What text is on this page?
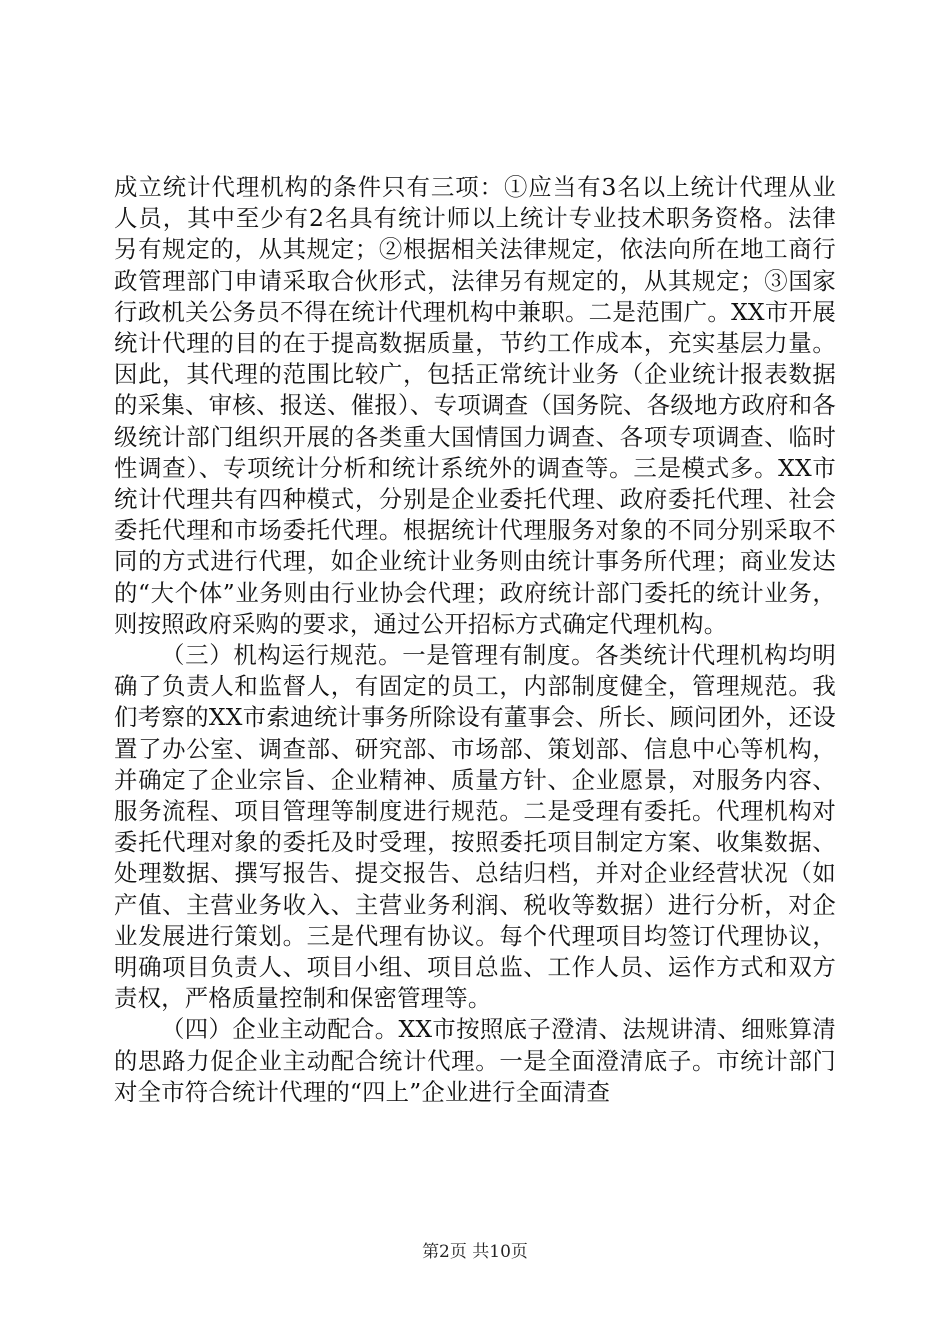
成立统计代理机构的条件只有三项：①应当有3名以上统计代理从业人员，其中至少有2名具有统计师以上统计专业技术职务资格。法律另有规定的，从其规定；②根据相关法律规定，依法向所在地工商行政管理部门申请采取合伙形式，法律另有规定的，从其规定；③国家行政机关公务员不得在统计代理机构中兼职。二是范围广。XX市开展统计代理的目的在于提高数据质量，节约工作成本，充实基层力量。因此，其代理的范围比较广，包括正常统计业务（企业统计报表数据的采集、审核、报送、催报）、专项调查（国务院、各级地方政府和各级统计部门组织开展的各类重大国情国力调查、各项专项调查、临时性调查）、专项统计分析和统计系统外的调查等。三是模式多。XX市统计代理共有四种模式，分别是企业委托代理、政府委托代理、社会委托代理和市场委托代理。根据统计代理服务对象的不同分别采取不同的方式进行代理，如企业统计业务则由统计事务所代理；商业发达的“大个体”业务则由行业协会代理；政府统计部门委托的统计业务，则按照政府采购的要求，通过公开招标方式确定代理机构。

（三）机构运行规范。一是管理有制度。各类统计代理机构均明确了负责人和监督人，有固定的员工，内部制度健全，管理规范。我们考察的XX市索迪统计事务所除设有董事会、所长、顾问团外，还设置了办公室、调查部、研究部、市场部、策划部、信息中心等机构，并确定了企业宗旨、企业精神、质量方针、企业愿景，对服务内容、服务流程、项目管理等制度进行规范。二是受理有委托。代理机构对委托代理对象的委托及时受理，按照委托项目制定方案、收集数据、处理数据、撰写报告、提交报告、总结归档，并对企业经营状况（如产值、主营业务收入、主营业务利润、税收等数据）进行分析，对企业发展进行策划。三是代理有协议。每个代理项目均签订代理协议，明确项目负责人、项目小组、项目总监、工作人员、运作方式和双方责权，严格质量控制和保密管理等。

（四）企业主动配合。XX市按照底子澄清、法规讲清、细账算清的思路力促企业主动配合统计代理。一是全面澄清底子。市统计部门对全市符合统计代理的“四上”企业进行全面清查

第2页 共10页
